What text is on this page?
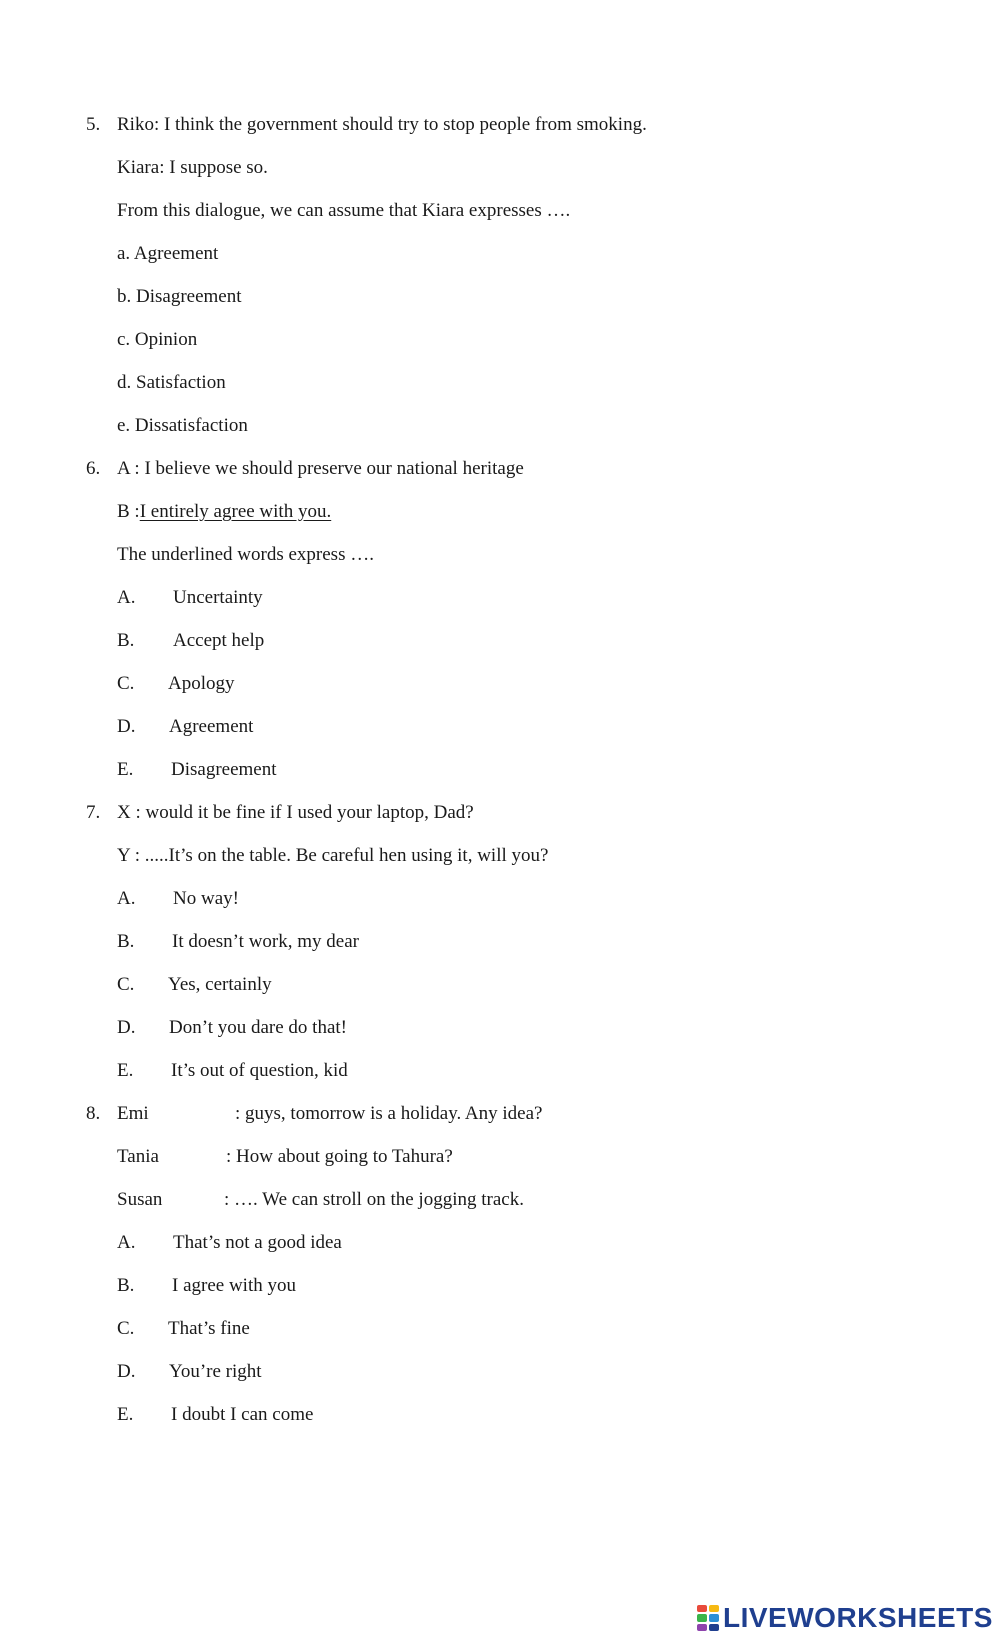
5. Riko: I think the government should try to stop people from smoking.
Kiara: I suppose so.
From this dialogue, we can assume that Kiara expresses ….
a. Agreement
b. Disagreement
c. Opinion
d. Satisfaction
e. Dissatisfaction
6. A : I believe we should preserve our national heritage
B :I entirely agree with you.
The underlined words express ….
A. Uncertainty
B. Accept help
C. Apology
D. Agreement
E. Disagreement
7. X : would it be fine if I used your laptop, Dad?
Y : .....It’s on the table. Be careful hen using it, will you?
A. No way!
B. It doesn’t work, my dear
C. Yes, certainly
D. Don’t you dare do that!
E. It’s out of question, kid
8. Emi	: guys, tomorrow is a holiday. Any idea?
Tania	: How about going to Tahura?
Susan	: …. We can stroll on the jogging track.
A. That’s not a good idea
B. I agree with you
C. That’s fine
D. You’re right
E. I doubt I can come
LIVEWORKSHEETS
